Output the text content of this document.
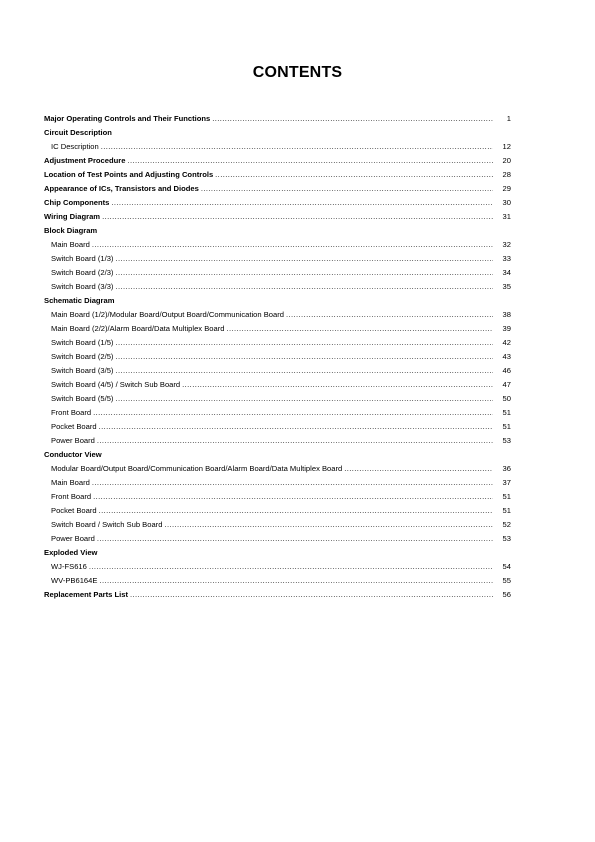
CONTENTS
Major Operating Controls and Their Functions .....	1
Circuit Description
IC Description .....	12
Adjustment Procedure .....	20
Location of Test Points and Adjusting Controls .....	28
Appearance of ICs, Transistors and Diodes .....	29
Chip Components .....	30
Wiring Diagram .....	31
Block Diagram
Main Board .....	32
Switch Board (1/3) .....	33
Switch Board (2/3) .....	34
Switch Board (3/3) .....	35
Schematic Diagram
Main Board (1/2)/Modular Board/Output Board/Communication Board .....	38
Main Board (2/2)/Alarm Board/Data Multiplex Board .....	39
Switch Board (1/5) .....	42
Switch Board (2/5) .....	43
Switch Board (3/5) .....	46
Switch Board (4/5) / Switch Sub Board .....	47
Switch Board (5/5) .....	50
Front Board .....	51
Pocket Board .....	51
Power Board .....	53
Conductor View
Modular Board/Output Board/Communication Board/Alarm Board/Data Multiplex Board .....	36
Main Board .....	37
Front Board .....	51
Pocket Board .....	51
Switch Board / Switch Sub Board .....	52
Power Board .....	53
Exploded View
WJ-FS616 .....	54
WV-PB6164E .....	55
Replacement Parts List .....	56
